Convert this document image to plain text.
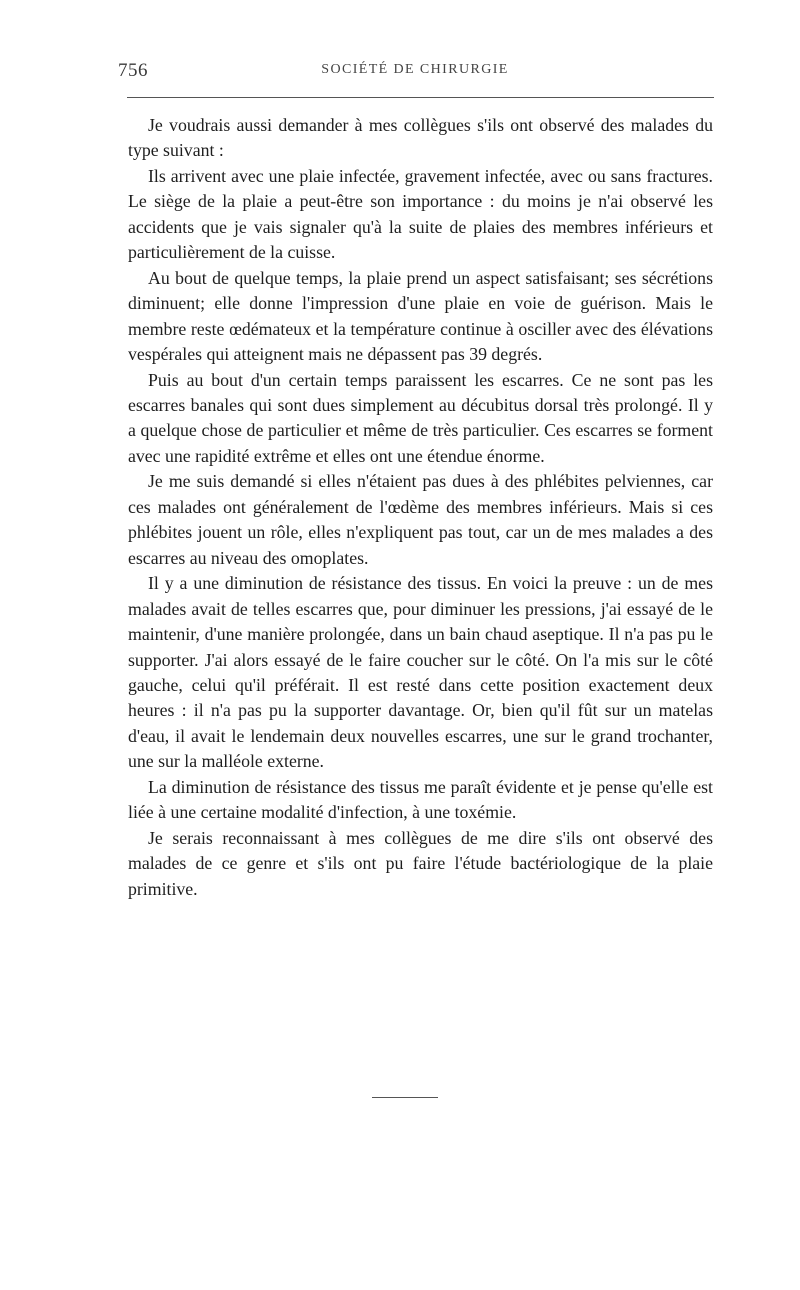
756	SOCIÉTÉ DE CHIRURGIE

Je voudrais aussi demander à mes collègues s'ils ont observé des malades du type suivant :

Ils arrivent avec une plaie infectée, gravement infectée, avec ou sans fractures. Le siège de la plaie a peut-être son importance : du moins je n'ai observé les accidents que je vais signaler qu'à la suite de plaies des membres inférieurs et particulièrement de la cuisse.

Au bout de quelque temps, la plaie prend un aspect satisfaisant; ses sécrétions diminuent; elle donne l'impression d'une plaie en voie de guérison. Mais le membre reste œdémateux et la température continue à osciller avec des élévations vespérales qui atteignent mais ne dépassent pas 39 degrés.

Puis au bout d'un certain temps paraissent les escarres. Ce ne sont pas les escarres banales qui sont dues simplement au décubitus dorsal très prolongé. Il y a quelque chose de particulier et même de très particulier. Ces escarres se forment avec une rapidité extrême et elles ont une étendue énorme.

Je me suis demandé si elles n'étaient pas dues à des phlébites pelviennes, car ces malades ont généralement de l'œdème des membres inférieurs. Mais si ces phlébites jouent un rôle, elles n'expliquent pas tout, car un de mes malades a des escarres au niveau des omoplates.

Il y a une diminution de résistance des tissus. En voici la preuve : un de mes malades avait de telles escarres que, pour diminuer les pressions, j'ai essayé de le maintenir, d'une manière prolongée, dans un bain chaud aseptique. Il n'a pas pu le supporter. J'ai alors essayé de le faire coucher sur le côté. On l'a mis sur le côté gauche, celui qu'il préférait. Il est resté dans cette position exactement deux heures : il n'a pas pu la supporter davantage. Or, bien qu'il fût sur un matelas d'eau, il avait le lendemain deux nouvelles escarres, une sur le grand trochanter, une sur la malléole externe.

La diminution de résistance des tissus me paraît évidente et je pense qu'elle est liée à une certaine modalité d'infection, à une toxémie.

Je serais reconnaissant à mes collègues de me dire s'ils ont observé des malades de ce genre et s'ils ont pu faire l'étude bactériologique de la plaie primitive.
